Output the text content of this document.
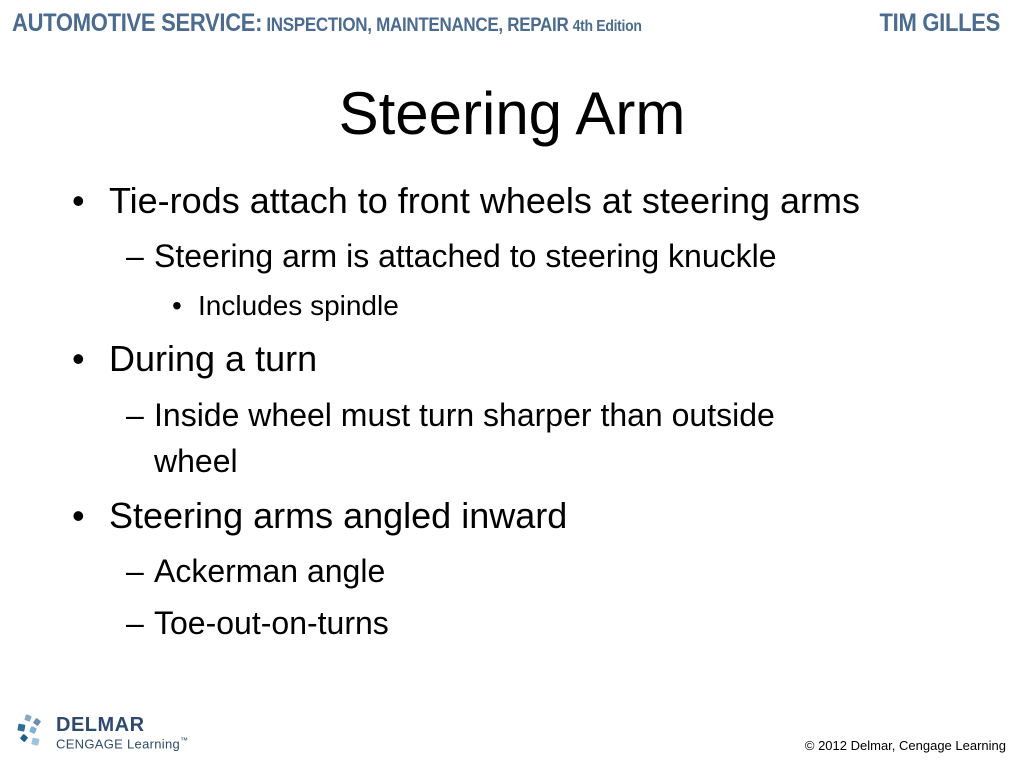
AUTOMOTIVE SERVICE: INSPECTION, MAINTENANCE, REPAIR 4th Edition	TIM GILLES
Steering Arm
• Tie-rods attach to front wheels at steering arms
– Steering arm is attached to steering knuckle
• Includes spindle
• During a turn
– Inside wheel must turn sharper than outside
wheel
• Steering arms angled inward
– Ackerman angle
– Toe-out-on-turns
DELMAR
CENGAGE Learning™	© 2012 Delmar, Cengage Learning
